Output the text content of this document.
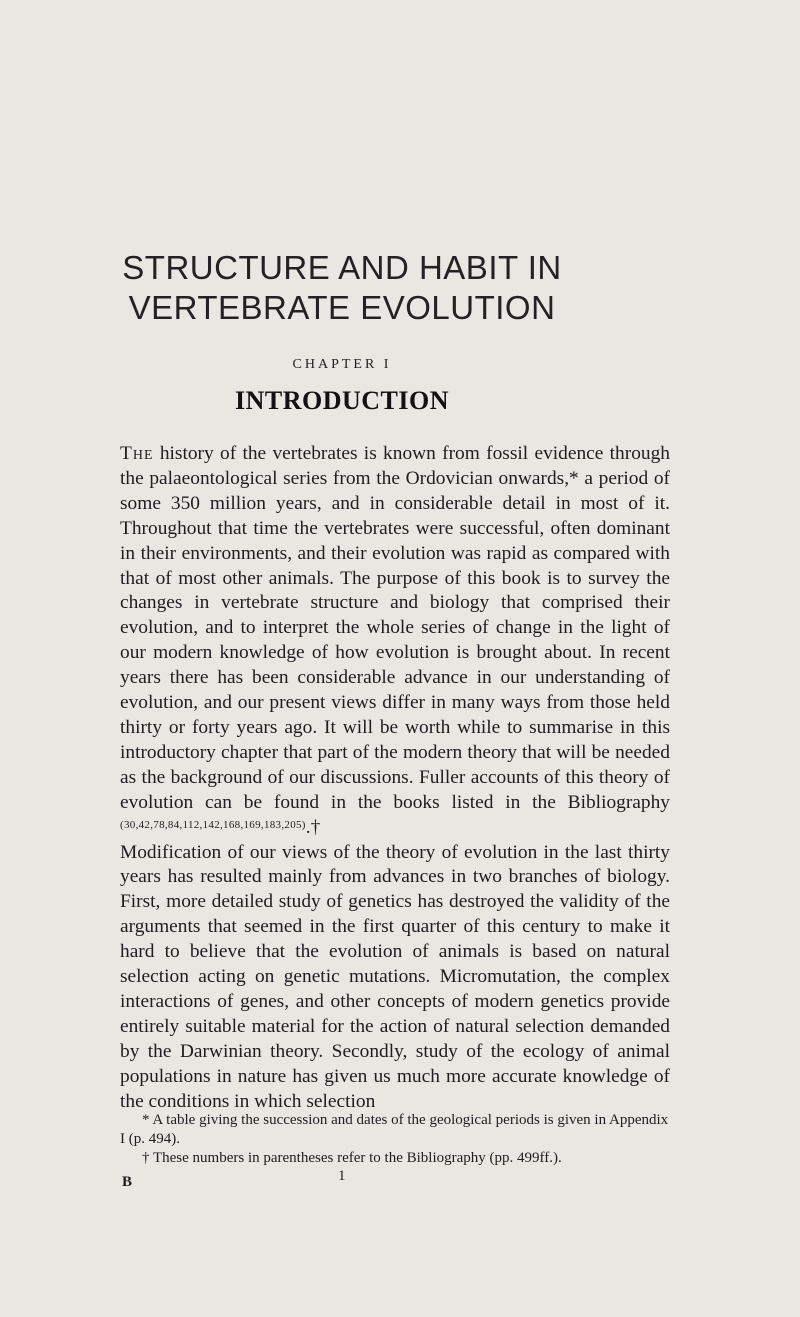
STRUCTURE AND HABIT IN
VERTEBRATE EVOLUTION
CHAPTER I
INTRODUCTION

The history of the vertebrates is known from fossil evidence through the palaeontological series from the Ordovician onwards,* a period of some 350 million years, and in considerable detail in most of it. Throughout that time the vertebrates were successful, often dominant in their environments, and their evolution was rapid as compared with that of most other animals. The purpose of this book is to survey the changes in vertebrate structure and biology that comprised their evolution, and to interpret the whole series of change in the light of our modern knowledge of how evolution is brought about. In recent years there has been considerable advance in our understanding of evolution, and our present views differ in many ways from those held thirty or forty years ago. It will be worth while to summarise in this introductory chapter that part of the modern theory that will be needed as the background of our discussions. Fuller accounts of this theory of evolution can be found in the books listed in the Bibliography $^{(30,42,78,84,112,142,168,169,183,205)}$.†

Modification of our views of the theory of evolution in the last thirty years has resulted mainly from advances in two branches of biology. First, more detailed study of genetics has destroyed the validity of the arguments that seemed in the first quarter of this century to make it hard to believe that the evolution of animals is based on natural selection acting on genetic mutations. Micromutation, the complex interactions of genes, and other concepts of modern genetics provide entirely suitable material for the action of natural selection demanded by the Darwinian theory. Secondly, study of the ecology of animal populations in nature has given us much more accurate knowledge of the conditions in which selection

* A table giving the succession and dates of the geological periods is given in Appendix I (p. 494).

† These numbers in parentheses refer to the Bibliography (pp. 499ff.).

B	1
